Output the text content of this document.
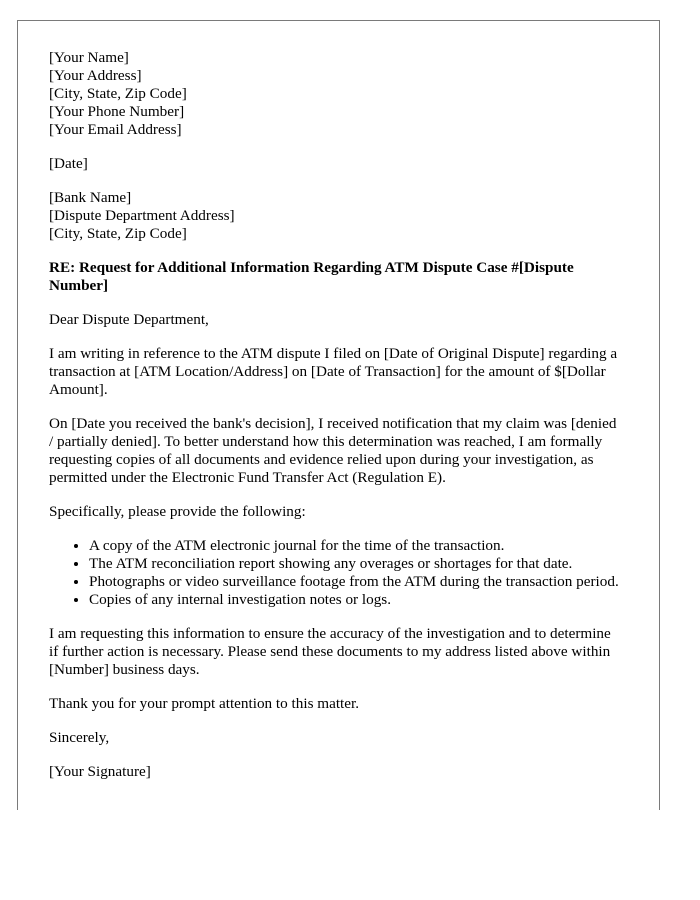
[Your Name]
[Your Address]
[City, State, Zip Code]
[Your Phone Number]
[Your Email Address]
[Date]
[Bank Name]
[Dispute Department Address]
[City, State, Zip Code]
RE: Request for Additional Information Regarding ATM Dispute Case #[Dispute Number]

Dear Dispute Department,

I am writing in reference to the ATM dispute I filed on [Date of Original Dispute] regarding a transaction at [ATM Location/Address] on [Date of Transaction] for the amount of $[Dollar Amount].

On [Date you received the bank's decision], I received notification that my claim was [denied / partially denied]. To better understand how this determination was reached, I am formally requesting copies of all documents and evidence relied upon during your investigation, as permitted under the Electronic Fund Transfer Act (Regulation E).

Specifically, please provide the following:

• A copy of the ATM electronic journal for the time of the transaction.
• The ATM reconciliation report showing any overages or shortages for that date.
• Photographs or video surveillance footage from the ATM during the transaction period.
• Copies of any internal investigation notes or logs.

I am requesting this information to ensure the accuracy of the investigation and to determine if further action is necessary. Please send these documents to my address listed above within [Number] business days.

Thank you for your prompt attention to this matter.

Sincerely,

[Your Signature]
